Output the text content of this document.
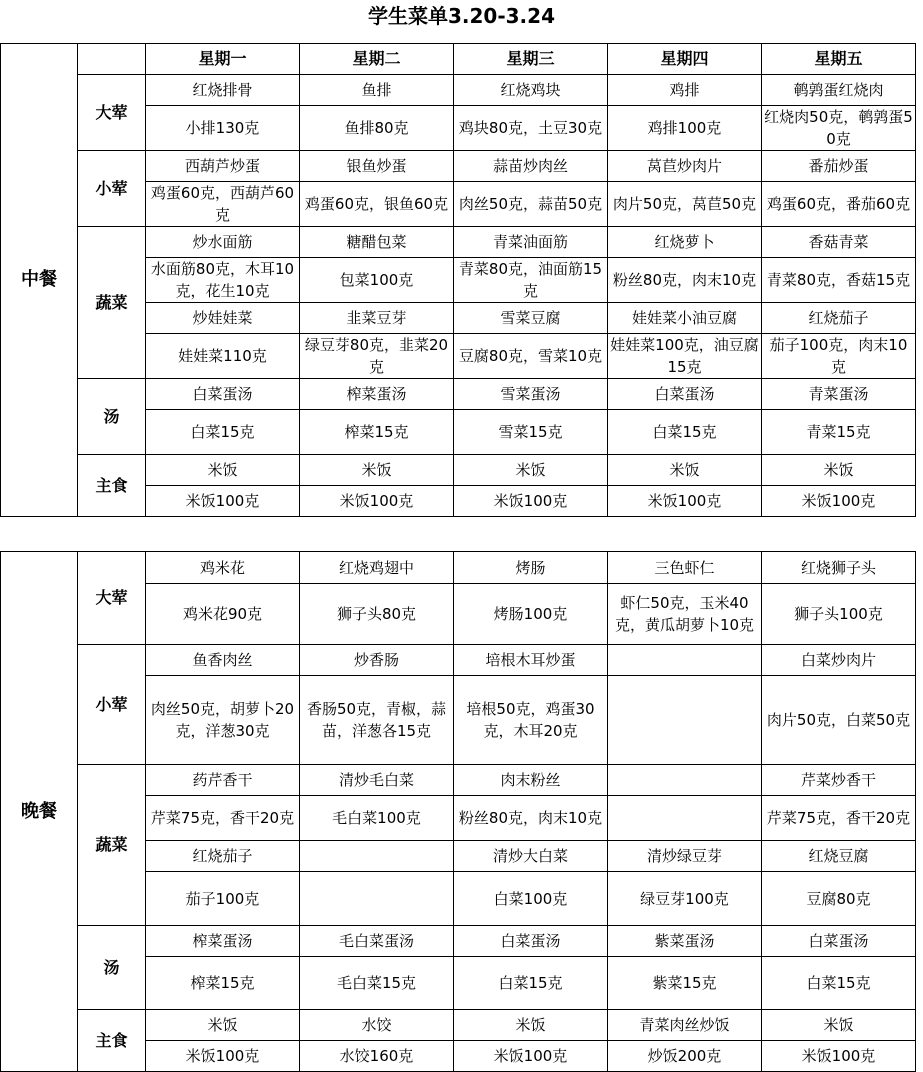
学生菜单3.20-3.24
中餐		星期一	星期二	星期三	星期四	星期五
	大荤	红烧排骨	鱼排	红烧鸡块	鸡排	鹌鹑蛋红烧肉
		小排130克	鱼排80克	鸡块80克，土豆30克	鸡排100克	红烧肉50克，鹌鹑蛋50克
	小荤	西葫芦炒蛋	银鱼炒蛋	蒜苗炒肉丝	莴苣炒肉片	番茄炒蛋
		鸡蛋60克，西葫芦60克	鸡蛋60克，银鱼60克	肉丝50克，蒜苗50克	肉片50克，莴苣50克	鸡蛋60克，番茄60克
	蔬菜	炒水面筋	糖醋包菜	青菜油面筋	红烧萝卜	香菇青菜
		水面筋80克，木耳10克，花生10克	包菜100克	青菜80克，油面筋15克	粉丝80克，肉末10克	青菜80克，香菇15克
		炒娃娃菜	韭菜豆芽	雪菜豆腐	娃娃菜小油豆腐	红烧茄子
		娃娃菜110克	绿豆芽80克，韭菜20克	豆腐80克，雪菜10克	娃娃菜100克，油豆腐15克	茄子100克，肉末10克
	汤	白菜蛋汤	榨菜蛋汤	雪菜蛋汤	白菜蛋汤	青菜蛋汤
		白菜15克	榨菜15克	雪菜15克	白菜15克	青菜15克
	主食	米饭	米饭	米饭	米饭	米饭
		米饭100克	米饭100克	米饭100克	米饭100克	米饭100克
晚餐	大荤	鸡米花	红烧鸡翅中	烤肠	三色虾仁	红烧狮子头
		鸡米花90克	狮子头80克	烤肠100克	虾仁50克，玉米40克，黄瓜胡萝卜10克	狮子头100克
	小荤	鱼香肉丝	炒香肠	培根木耳炒蛋		白菜炒肉片
		肉丝50克，胡萝卜20克，洋葱30克	香肠50克，青椒，蒜苗，洋葱各15克	培根50克，鸡蛋30克，木耳20克		肉片50克，白菜50克
	蔬菜	药芹香干	清炒毛白菜	肉末粉丝		芹菜炒香干
		芹菜75克，香干20克	毛白菜100克	粉丝80克，肉末10克		芹菜75克，香干20克
		红烧茄子		清炒大白菜	清炒绿豆芽	红烧豆腐
		茄子100克		白菜100克	绿豆芽100克	豆腐80克
	汤	榨菜蛋汤	毛白菜蛋汤	白菜蛋汤	紫菜蛋汤	白菜蛋汤
		榨菜15克	毛白菜15克	白菜15克	紫菜15克	白菜15克
	主食	米饭	水饺	米饭	青菜肉丝炒饭	米饭
		米饭100克	水饺160克	米饭100克	炒饭200克	米饭100克
